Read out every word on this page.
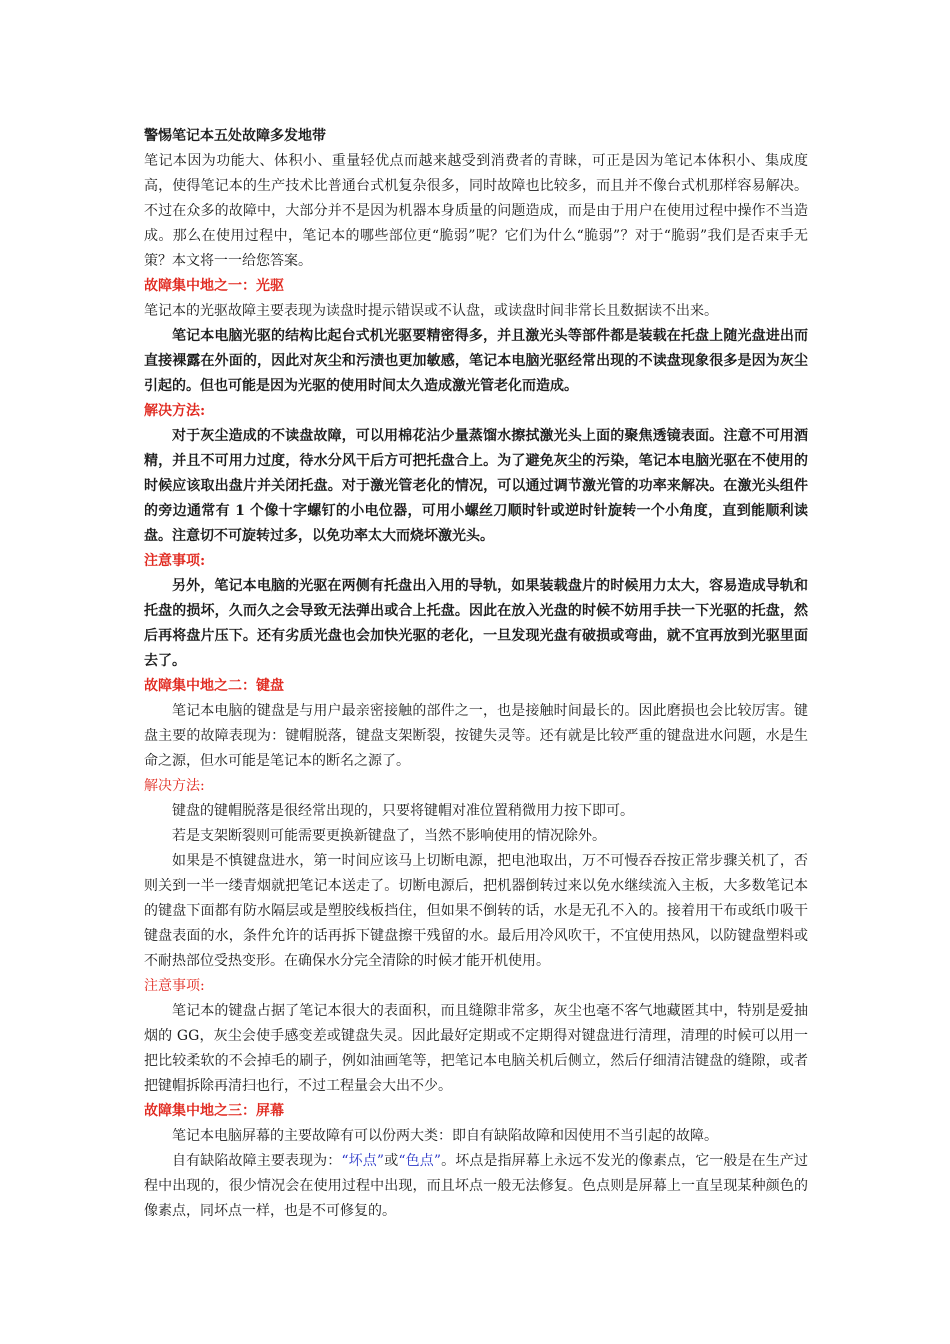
警惕笔记本五处故障多发地带

笔记本因为功能大、体积小、重量轻优点而越来越受到消费者的青睐，可正是因为笔记本体积小、集成度高，使得笔记本的生产技术比普通台式机复杂很多，同时故障也比较多，而且并不像台式机那样容易解决。不过在众多的故障中，大部分并不是因为机器本身质量的问题造成，而是由于用户在使用过程中操作不当造成。那么在使用过程中，笔记本的哪些部位更“脆弱”呢？它们为什么“脆弱”？对于“脆弱”我们是否束手无策？本文将一一给您答案。

故障集中地之一：光驱

笔记本的光驱故障主要表现为读盘时提示错误或不认盘，或读盘时间非常长且数据读不出来。

笔记本电脑光驱的结构比起台式机光驱要精密得多，并且激光头等部件都是装载在托盘上随光盘进出而直接裸露在外面的，因此对灰尘和污渍也更加敏感，笔记本电脑光驱经常出现的不读盘现象很多是因为灰尘引起的。但也可能是因为光驱的使用时间太久造成激光管老化而造成。

解决方法:

对于灰尘造成的不读盘故障，可以用棉花沾少量蒸馏水擦拭激光头上面的聚焦透镜表面。注意不可用酒精，并且不可用力过度，待水分风干后方可把托盘合上。为了避免灰尘的污染，笔记本电脑光驱在不使用的时候应该取出盘片并关闭托盘。对于激光管老化的情况，可以通过调节激光管的功率来解决。在激光头组件的旁边通常有 1 个像十字螺钉的小电位器，可用小螺丝刀顺时针或逆时针旋转一个小角度，直到能顺利读盘。注意切不可旋转过多，以免功率太大而烧坏激光头。

注意事项:

另外，笔记本电脑的光驱在两侧有托盘出入用的导轨，如果装载盘片的时候用力太大，容易造成导轨和托盘的损坏，久而久之会导致无法弹出或合上托盘。因此在放入光盘的时候不妨用手扶一下光驱的托盘，然后再将盘片压下。还有劣质光盘也会加快光驱的老化，一旦发现光盘有破损或弯曲，就不宜再放到光驱里面去了。

故障集中地之二：键盘

笔记本电脑的键盘是与用户最亲密接触的部件之一，也是接触时间最长的。因此磨损也会比较厉害。键盘主要的故障表现为：键帽脱落，键盘支架断裂，按键失灵等。还有就是比较严重的键盘进水问题，水是生命之源，但水可能是笔记本的断名之源了。

解决方法:

键盘的键帽脱落是很经常出现的，只要将键帽对准位置稍微用力按下即可。

若是支架断裂则可能需要更换新键盘了，当然不影响使用的情况除外。

如果是不慎键盘进水，第一时间应该马上切断电源，把电池取出，万不可慢吞吞按正常步骤关机了，否则关到一半一缕青烟就把笔记本送走了。切断电源后，把机器倒转过来以免水继续流入主板，大多数笔记本的键盘下面都有防水隔层或是塑胶线板挡住，但如果不倒转的话，水是无孔不入的。接着用干布或纸巾吸干键盘表面的水，条件允许的话再拆下键盘擦干残留的水。最后用冷风吹干，不宜使用热风，以防键盘塑料或不耐热部位受热变形。在确保水分完全清除的时候才能开机使用。

注意事项:

笔记本的键盘占据了笔记本很大的表面积，而且缝隙非常多，灰尘也毫不客气地藏匿其中，特别是爱抽烟的 GG，灰尘会使手感变差或键盘失灵。因此最好定期或不定期得对键盘进行清理，清理的时候可以用一把比较柔软的不会掉毛的刷子，例如油画笔等，把笔记本电脑关机后侧立，然后仔细清洁键盘的缝隙，或者把键帽拆除再清扫也行，不过工程量会大出不少。

故障集中地之三：屏幕

笔记本电脑屏幕的主要故障有可以份两大类：即自有缺陷故障和因使用不当引起的故障。

自有缺陷故障主要表现为：“坏点”或“色点”。坏点是指屏幕上永远不发光的像素点，它一般是在生产过程中出现的，很少情况会在使用过程中出现，而且坏点一般无法修复。色点则是屏幕上一直呈现某种颜色的像素点，同坏点一样，也是不可修复的。
